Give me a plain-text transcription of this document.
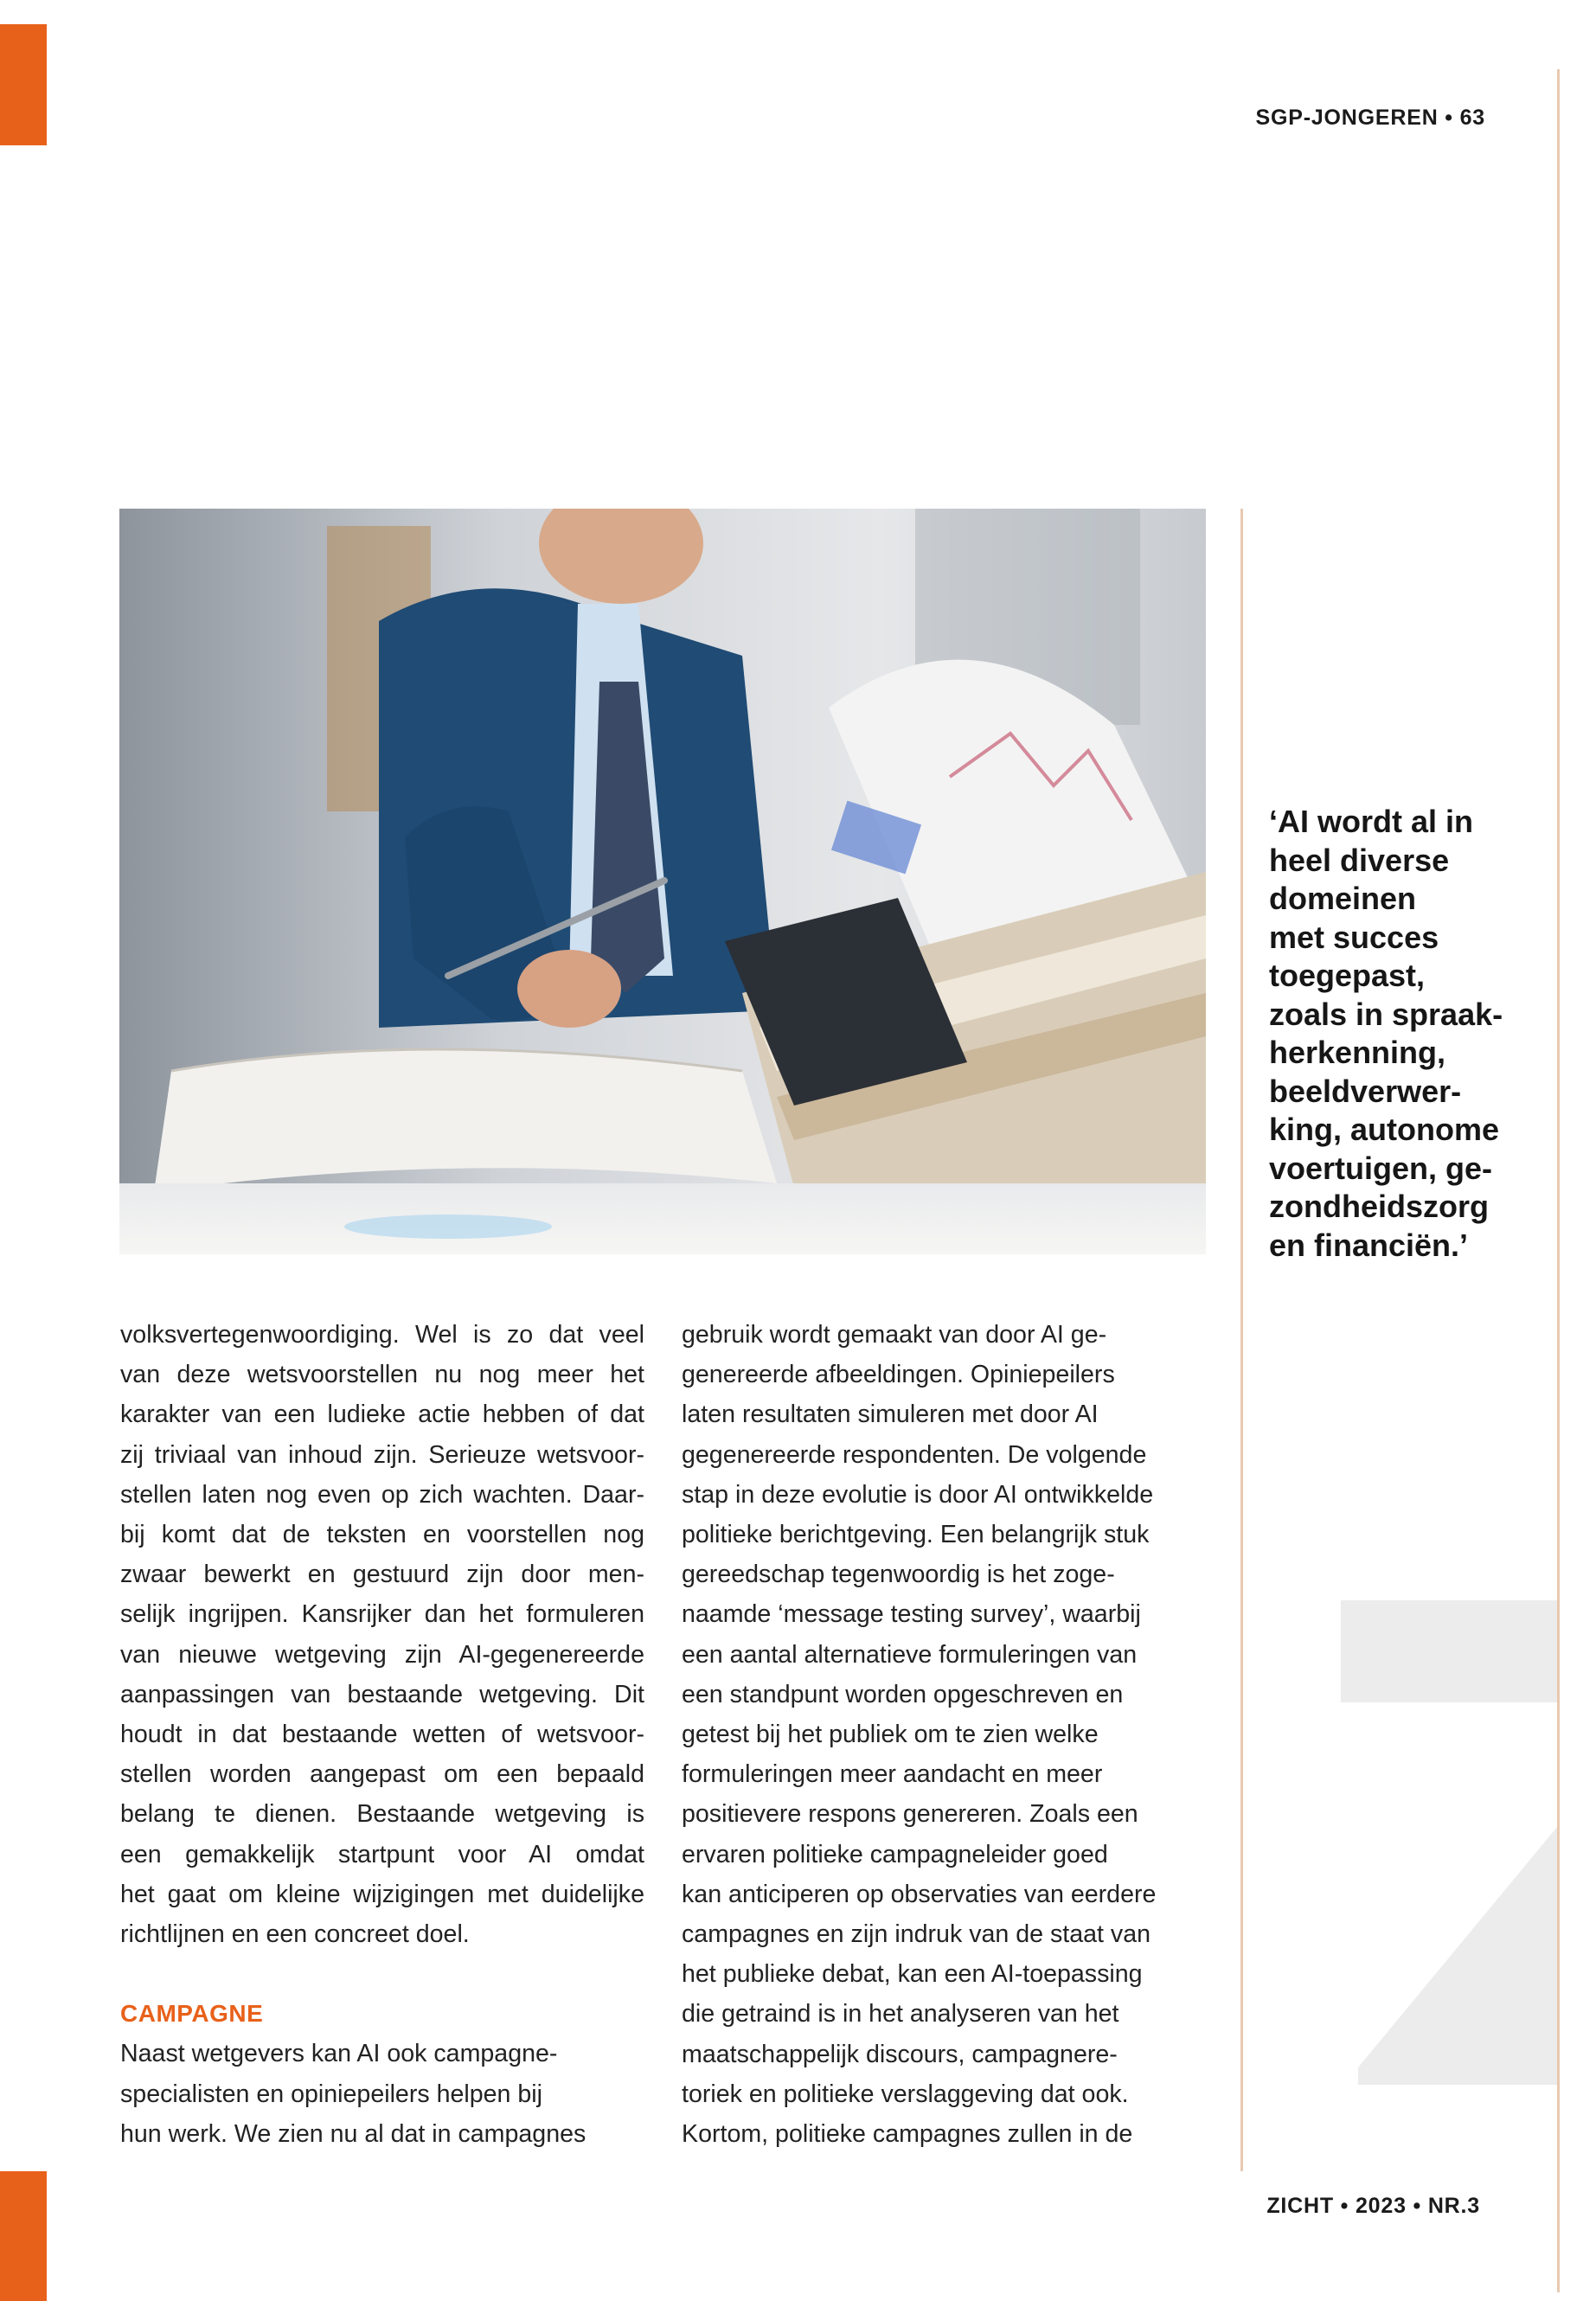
SGP-JONGEREN • 63
‘AI wordt al in
heel diverse
domeinen
met succes
toegepast,
zoals in spraak-
herkenning,
beeldverwer-
king, autonome
voertuigen, ge-
zondheidszorg
en financiën.’
volksvertegenwoordiging. Wel is zo dat veel
van deze wetsvoorstellen nu nog meer het
karakter van een ludieke actie hebben of dat
zij triviaal van inhoud zijn. Serieuze wetsvoor-
stellen laten nog even op zich wachten. Daar-
bij komt dat de teksten en voorstellen nog
zwaar bewerkt en gestuurd zijn door men-
selijk ingrijpen. Kansrijker dan het formuleren
van nieuwe wetgeving zijn AI-gegenereerde
aanpassingen van bestaande wetgeving. Dit
houdt in dat bestaande wetten of wetsvoor-
stellen worden aangepast om een bepaald
belang te dienen. Bestaande wetgeving is
een gemakkelijk startpunt voor AI omdat
het gaat om kleine wijzigingen met duidelijke
richtlijnen en een concreet doel.
CAMPAGNE
Naast wetgevers kan AI ook campagne-
specialisten en opiniepeilers helpen bij
hun werk. We zien nu al dat in campagnes
gebruik wordt gemaakt van door AI ge-
genereerde afbeeldingen. Opiniepeilers
laten resultaten simuleren met door AI
gegenereerde respondenten. De volgende
stap in deze evolutie is door AI ontwikkelde
politieke berichtgeving. Een belangrijk stuk
gereedschap tegenwoordig is het zoge-
naamde ‘message testing survey’, waarbij
een aantal alternatieve formuleringen van
een standpunt worden opgeschreven en
getest bij het publiek om te zien welke
formuleringen meer aandacht en meer
positievere respons genereren. Zoals een
ervaren politieke campagneleider goed
kan anticiperen op observaties van eerdere
campagnes en zijn indruk van de staat van
het publieke debat, kan een AI-toepassing
die getraind is in het analyseren van het
maatschappelijk discours, campagnere-
toriek en politieke verslaggeving dat ook.
Kortom, politieke campagnes zullen in de
ZICHT • 2023 • NR.3
